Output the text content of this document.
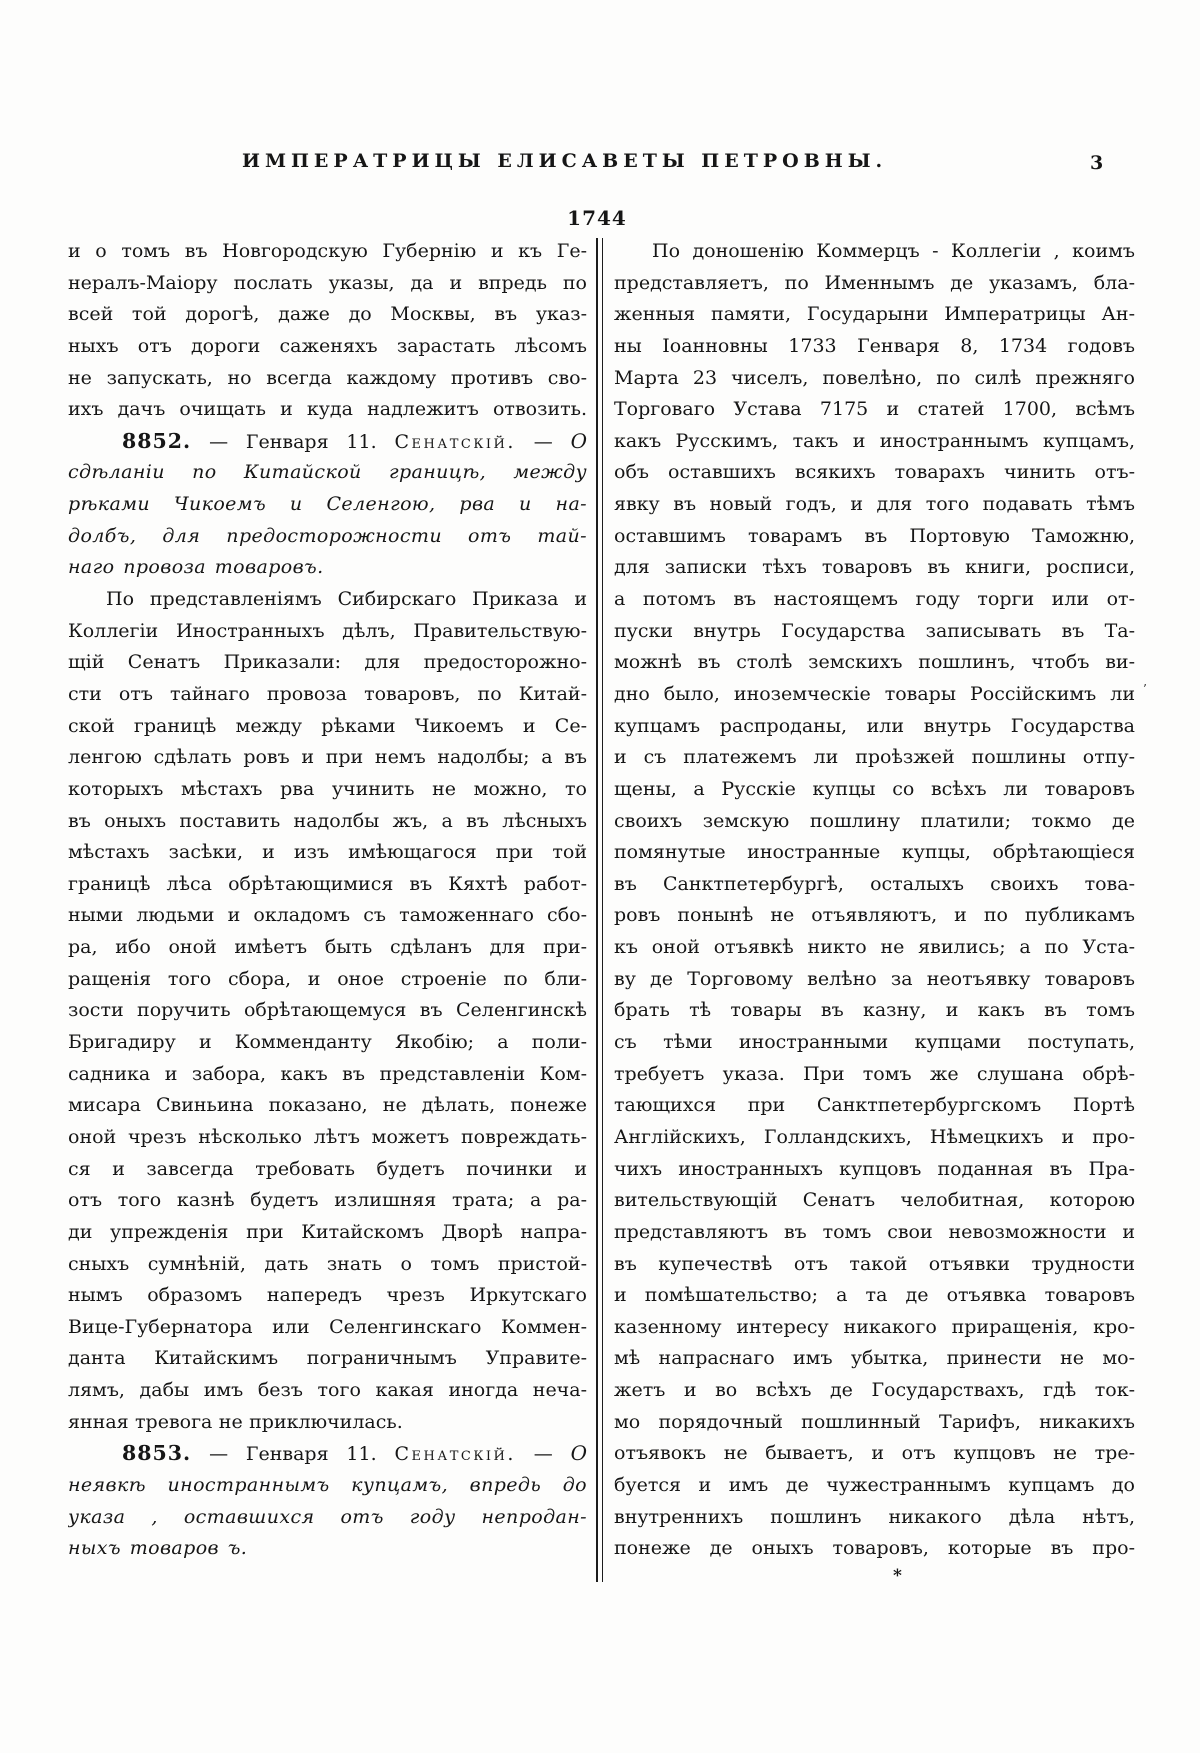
ИМПЕРАТРИЦЫ ЕЛИСАВЕТЫ ПЕТРОВНЫ.	3
1744
и о томъ въ Новгородскую Губернію и къ Ге-
нералъ-Маіору послать указы, да и впредь по
всей той дорогѣ, даже до Москвы, въ указ-
ныхъ отъ дороги саженяхъ зарастать лѣсомъ
не запускать, но всегда каждому противъ сво-
ихъ дачъ очищать и куда надлежитъ отвозить.
8852. — Генваря 11. Сенатскій. — О
сдѣланіи по Китайской границѣ, между
рѣками Чикоемъ и Селенгою, рва и на-
долбъ, для предосторожности отъ тай-
наго провоза товаровъ.
По представленіямъ Сибирскаго Приказа и
Коллегіи Иностранныхъ дѣлъ, Правительствую-
щій Сенатъ Приказали: для предосторожно-
сти отъ тайнаго провоза товаровъ, по Китай-
ской границѣ между рѣками Чикоемъ и Се-
ленгою сдѣлать ровъ и при немъ надолбы; а въ
которыхъ мѣстахъ рва учинить не можно, то
въ оныхъ поставить надолбы жъ, а въ лѣсныхъ
мѣстахъ засѣки, и изъ имѣющагося при той
границѣ лѣса обрѣтающимися въ Кяхтѣ работ-
ными людьми и окладомъ съ таможеннаго сбо-
ра, ибо оной имѣетъ быть сдѣланъ для при-
ращенія того сбора, и оное строеніе по бли-
зости поручить обрѣтающемуся въ Селенгинскѣ
Бригадиру и Комменданту Якобію; а поли-
садника и забора, какъ въ представленіи Ком-
мисара Свиньина показано, не дѣлать, понеже
оной чрезъ нѣсколько лѣтъ можетъ повреждать-
ся и завсегда требовать будетъ починки и
отъ того казнѣ будетъ излишняя трата; а ра-
ди упрежденія при Китайскомъ Дворѣ напра-
сныхъ сумнѣній, дать знать о томъ пристой-
нымъ образомъ напередъ чрезъ Иркутскаго
Вице-Губернатора или Селенгинскаго Коммен-
данта Китайскимъ пограничнымъ Управите-
лямъ, дабы имъ безъ того какая иногда неча-
янная тревога не приключилась.
8853. — Генваря 11. Сенатскій. — О
неявкѣ иностраннымъ купцамъ, впредь до
указа , оставшихся отъ году непродан-
ныхъ товаров ъ.
По доношенію Коммерцъ - Коллегіи , коимъ
представляетъ, по Именнымъ де указамъ, бла-
женныя памяти, Государыни Императрицы Ан-
ны Іоанновны 1733 Генваря 8, 1734 годовъ
Марта 23 чиселъ, повелѣно, по силѣ прежняго
Торговаго Устава 7175 и статей 1700, всѣмъ
какъ Русскимъ, такъ и иностраннымъ купцамъ,
объ оставшихъ всякихъ товарахъ чинить отъ-
явку въ новый годъ, и для того подавать тѣмъ
оставшимъ товарамъ въ Портовую Таможню,
для записки тѣхъ товаровъ въ книги, росписи,
а потомъ въ настоящемъ году торги или от-
пуски внутрь Государства записывать въ Та-
можнѣ въ столѣ земскихъ пошлинъ, чтобъ ви-
дно было, иноземческіе товары Россійскимъ ли
купцамъ распроданы, или внутрь Государства
и съ платежемъ ли проѣзжей пошлины отпу-
щены, а Русскіе купцы со всѣхъ ли товаровъ
своихъ земскую пошлину платили; токмо де
помянутые иностранные купцы, обрѣтающіеся
въ Санктпетербургѣ, осталыхъ своихъ това-
ровъ понынѣ не отъявляютъ, и по публикамъ
къ оной отъявкѣ никто не явились; а по Уста-
ву де Торговому велѣно за неотъявку товаровъ
брать тѣ товары въ казну, и какъ въ томъ
съ тѣми иностранными купцами поступать,
требуетъ указа. При томъ же слушана обрѣ-
тающихся при Санктпетербургскомъ Портѣ
Англійскихъ, Голландскихъ, Нѣмецкихъ и про-
чихъ иностранныхъ купцовъ поданная въ Пра-
вительствующій Сенатъ челобитная, которою
представляютъ въ томъ свои невозможности и
въ купечествѣ отъ такой отъявки трудности
и помѣшательство; а та де отъявка товаровъ
казенному интересу никакого приращенія, кро-
мѣ напраснаго имъ убытка, принести не мо-
жетъ и во всѣхъ де Государствахъ, гдѣ ток-
мо порядочный пошлинный Тарифъ, никакихъ
отъявокъ не бываетъ, и отъ купцовъ не тре-
буется и имъ де чужестраннымъ купцамъ до
внутреннихъ пошлинъ никакого дѣла нѣтъ,
понеже де оныхъ товаровъ, которые въ про-
*
’
